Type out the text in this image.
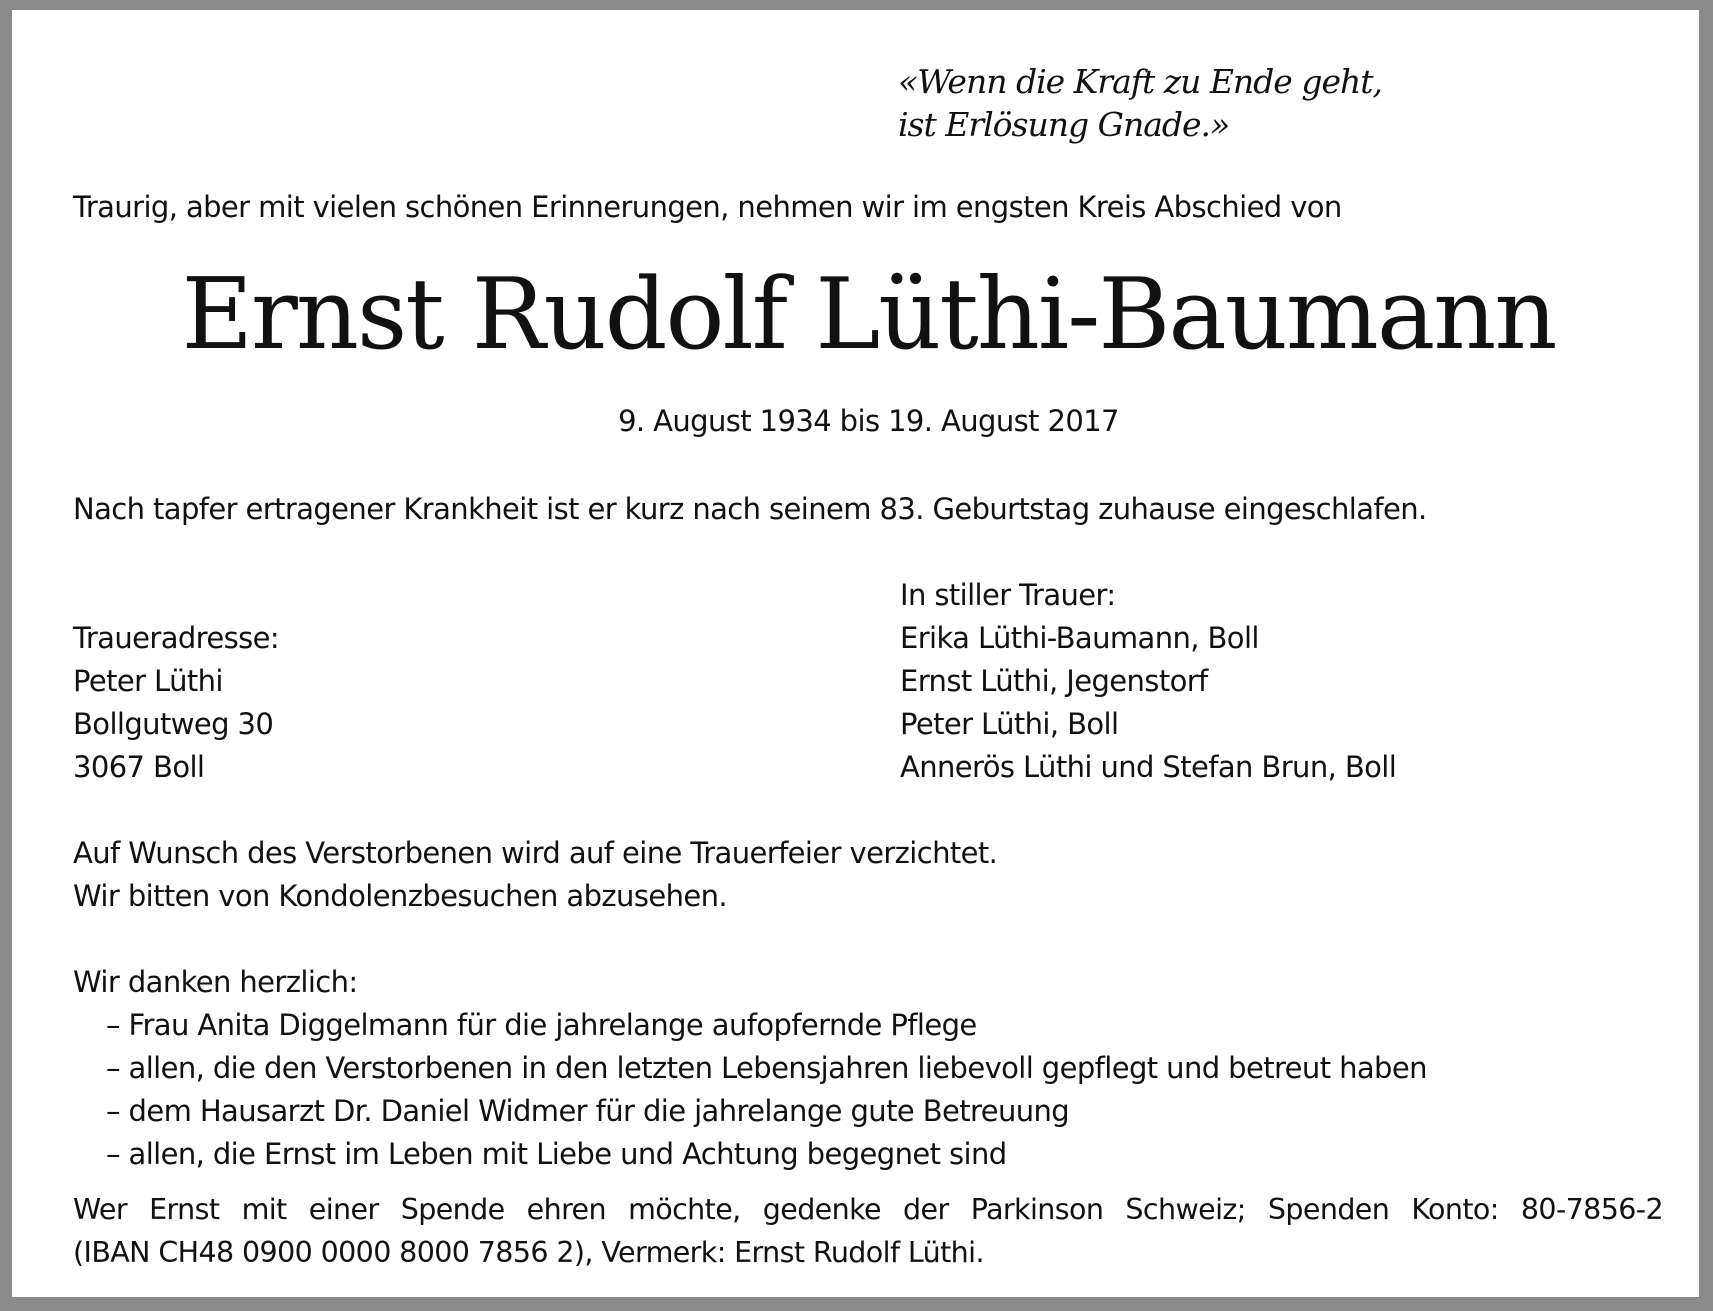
«Wenn die Kraft zu Ende geht,
ist Erlösung Gnade.»
Traurig, aber mit vielen schönen Erinnerungen, nehmen wir im engsten Kreis Abschied von
Ernst Rudolf Lüthi-Baumann
9. August 1934 bis 19. August 2017
Nach tapfer ertragener Krankheit ist er kurz nach seinem 83. Geburtstag zuhause eingeschlafen.
Traueradresse:
Peter Lüthi
Bollgutweg 30
3067 Boll
In stiller Trauer:
Erika Lüthi-Baumann, Boll
Ernst Lüthi, Jegenstorf
Peter Lüthi, Boll
Annerös Lüthi und Stefan Brun, Boll
Auf Wunsch des Verstorbenen wird auf eine Trauerfeier verzichtet.
Wir bitten von Kondolenzbesuchen abzusehen.
Wir danken herzlich:
– Frau Anita Diggelmann für die jahrelange aufopfernde Pflege
– allen, die den Verstorbenen in den letzten Lebensjahren liebevoll gepflegt und betreut haben
– dem Hausarzt Dr. Daniel Widmer für die jahrelange gute Betreuung
– allen, die Ernst im Leben mit Liebe und Achtung begegnet sind
Wer Ernst mit einer Spende ehren möchte, gedenke der Parkinson Schweiz; Spenden Konto: 80-7856-2
(IBAN CH48 0900 0000 8000 7856 2), Vermerk: Ernst Rudolf Lüthi.
